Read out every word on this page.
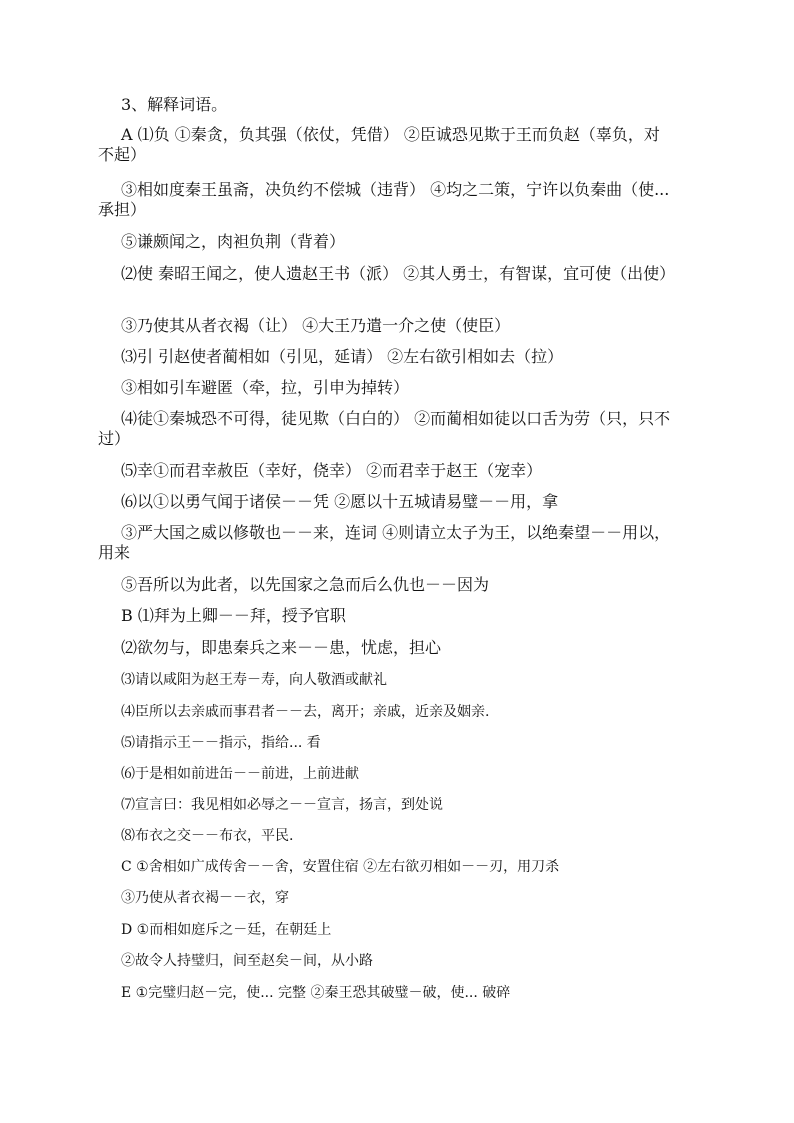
3、解释词语。
A ⑴负 ①秦贪，负其强（依仗，凭借） ②臣诚恐见欺于王而负赵（辜负，对不起）
③相如度秦王虽斋，决负约不偿城（违背） ④均之二策，宁许以负秦曲（使... 承担）
⑤谦颇闻之，肉袒负荆（背着）
⑵使 秦昭王闻之，使人遗赵王书（派） ②其人勇士，有智谋，宜可使（出使）
③乃使其从者衣褐（让） ④大王乃遣一介之使（使臣）
⑶引 引赵使者蔺相如（引见，延请） ②左右欲引相如去（拉）
③相如引车避匿（牵，拉，引申为掉转）
⑷徒①秦城恐不可得，徒见欺（白白的） ②而蔺相如徒以口舌为劳（只，只不过）
⑸幸①而君幸赦臣（幸好，侥幸） ②而君幸于赵王（宠幸）
⑹以①以勇气闻于诸侯－－凭 ②愿以十五城请易璧－－用，拿
③严大国之威以修敬也－－来，连词 ④则请立太子为王，以绝秦望－－用以，用来
⑤吾所以为此者，以先国家之急而后么仇也－－因为
B ⑴拜为上卿－－拜，授予官职
⑵欲勿与，即患秦兵之来－－患，忧虑，担心
⑶请以咸阳为赵王寿－寿，向人敬酒或献礼
⑷臣所以去亲戚而事君者－－去，离开；亲戚，近亲及姻亲.
⑸请指示王－－指示，指给... 看
⑹于是相如前进缶－－前进，上前进献
⑺宣言曰：我见相如必辱之－－宣言，扬言，到处说
⑻布衣之交－－布衣，平民.
C ①舍相如广成传舍－－舍，安置住宿 ②左右欲刃相如－－刃，用刀杀
③乃使从者衣褐－－衣，穿
D ①而相如庭斥之－廷，在朝廷上
②故令人持璧归，间至赵矣－间，从小路
E ①完璧归赵－完，使... 完整 ②秦王恐其破璧－破，使... 破碎
